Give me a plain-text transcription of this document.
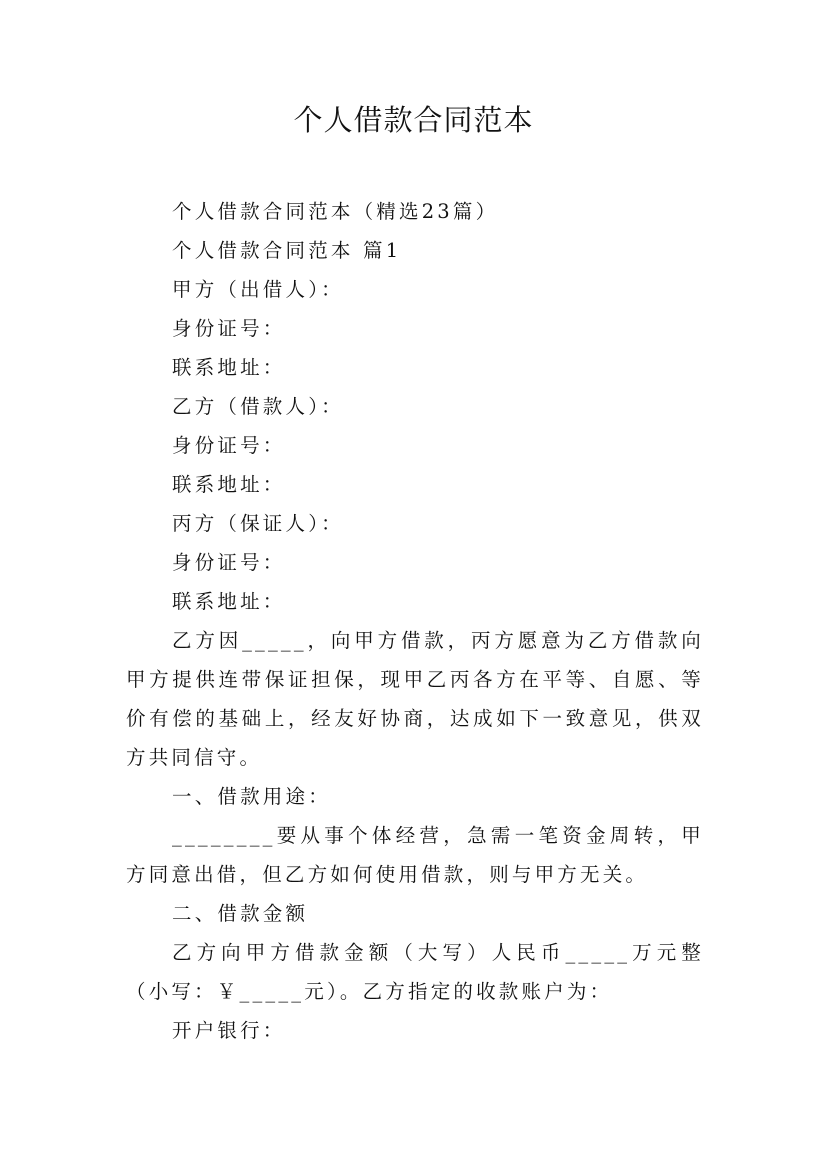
个人借款合同范本

个人借款合同范本（精选23篇）

个人借款合同范本 篇1

甲方（出借人）：

身份证号：

联系地址：

乙方（借款人）：

身份证号：

联系地址：

丙方（保证人）：

身份证号：

联系地址：

乙方因_____，向甲方借款，丙方愿意为乙方借款向甲方提供连带保证担保，现甲乙丙各方在平等、自愿、等价有偿的基础上，经友好协商，达成如下一致意见，供双方共同信守。

一、借款用途：

________要从事个体经营，急需一笔资金周转，甲方同意出借，但乙方如何使用借款，则与甲方无关。

二、借款金额

乙方向甲方借款金额（大写）人民币_____万元整（小写：￥_____元）。乙方指定的收款账户为：

开户银行：
